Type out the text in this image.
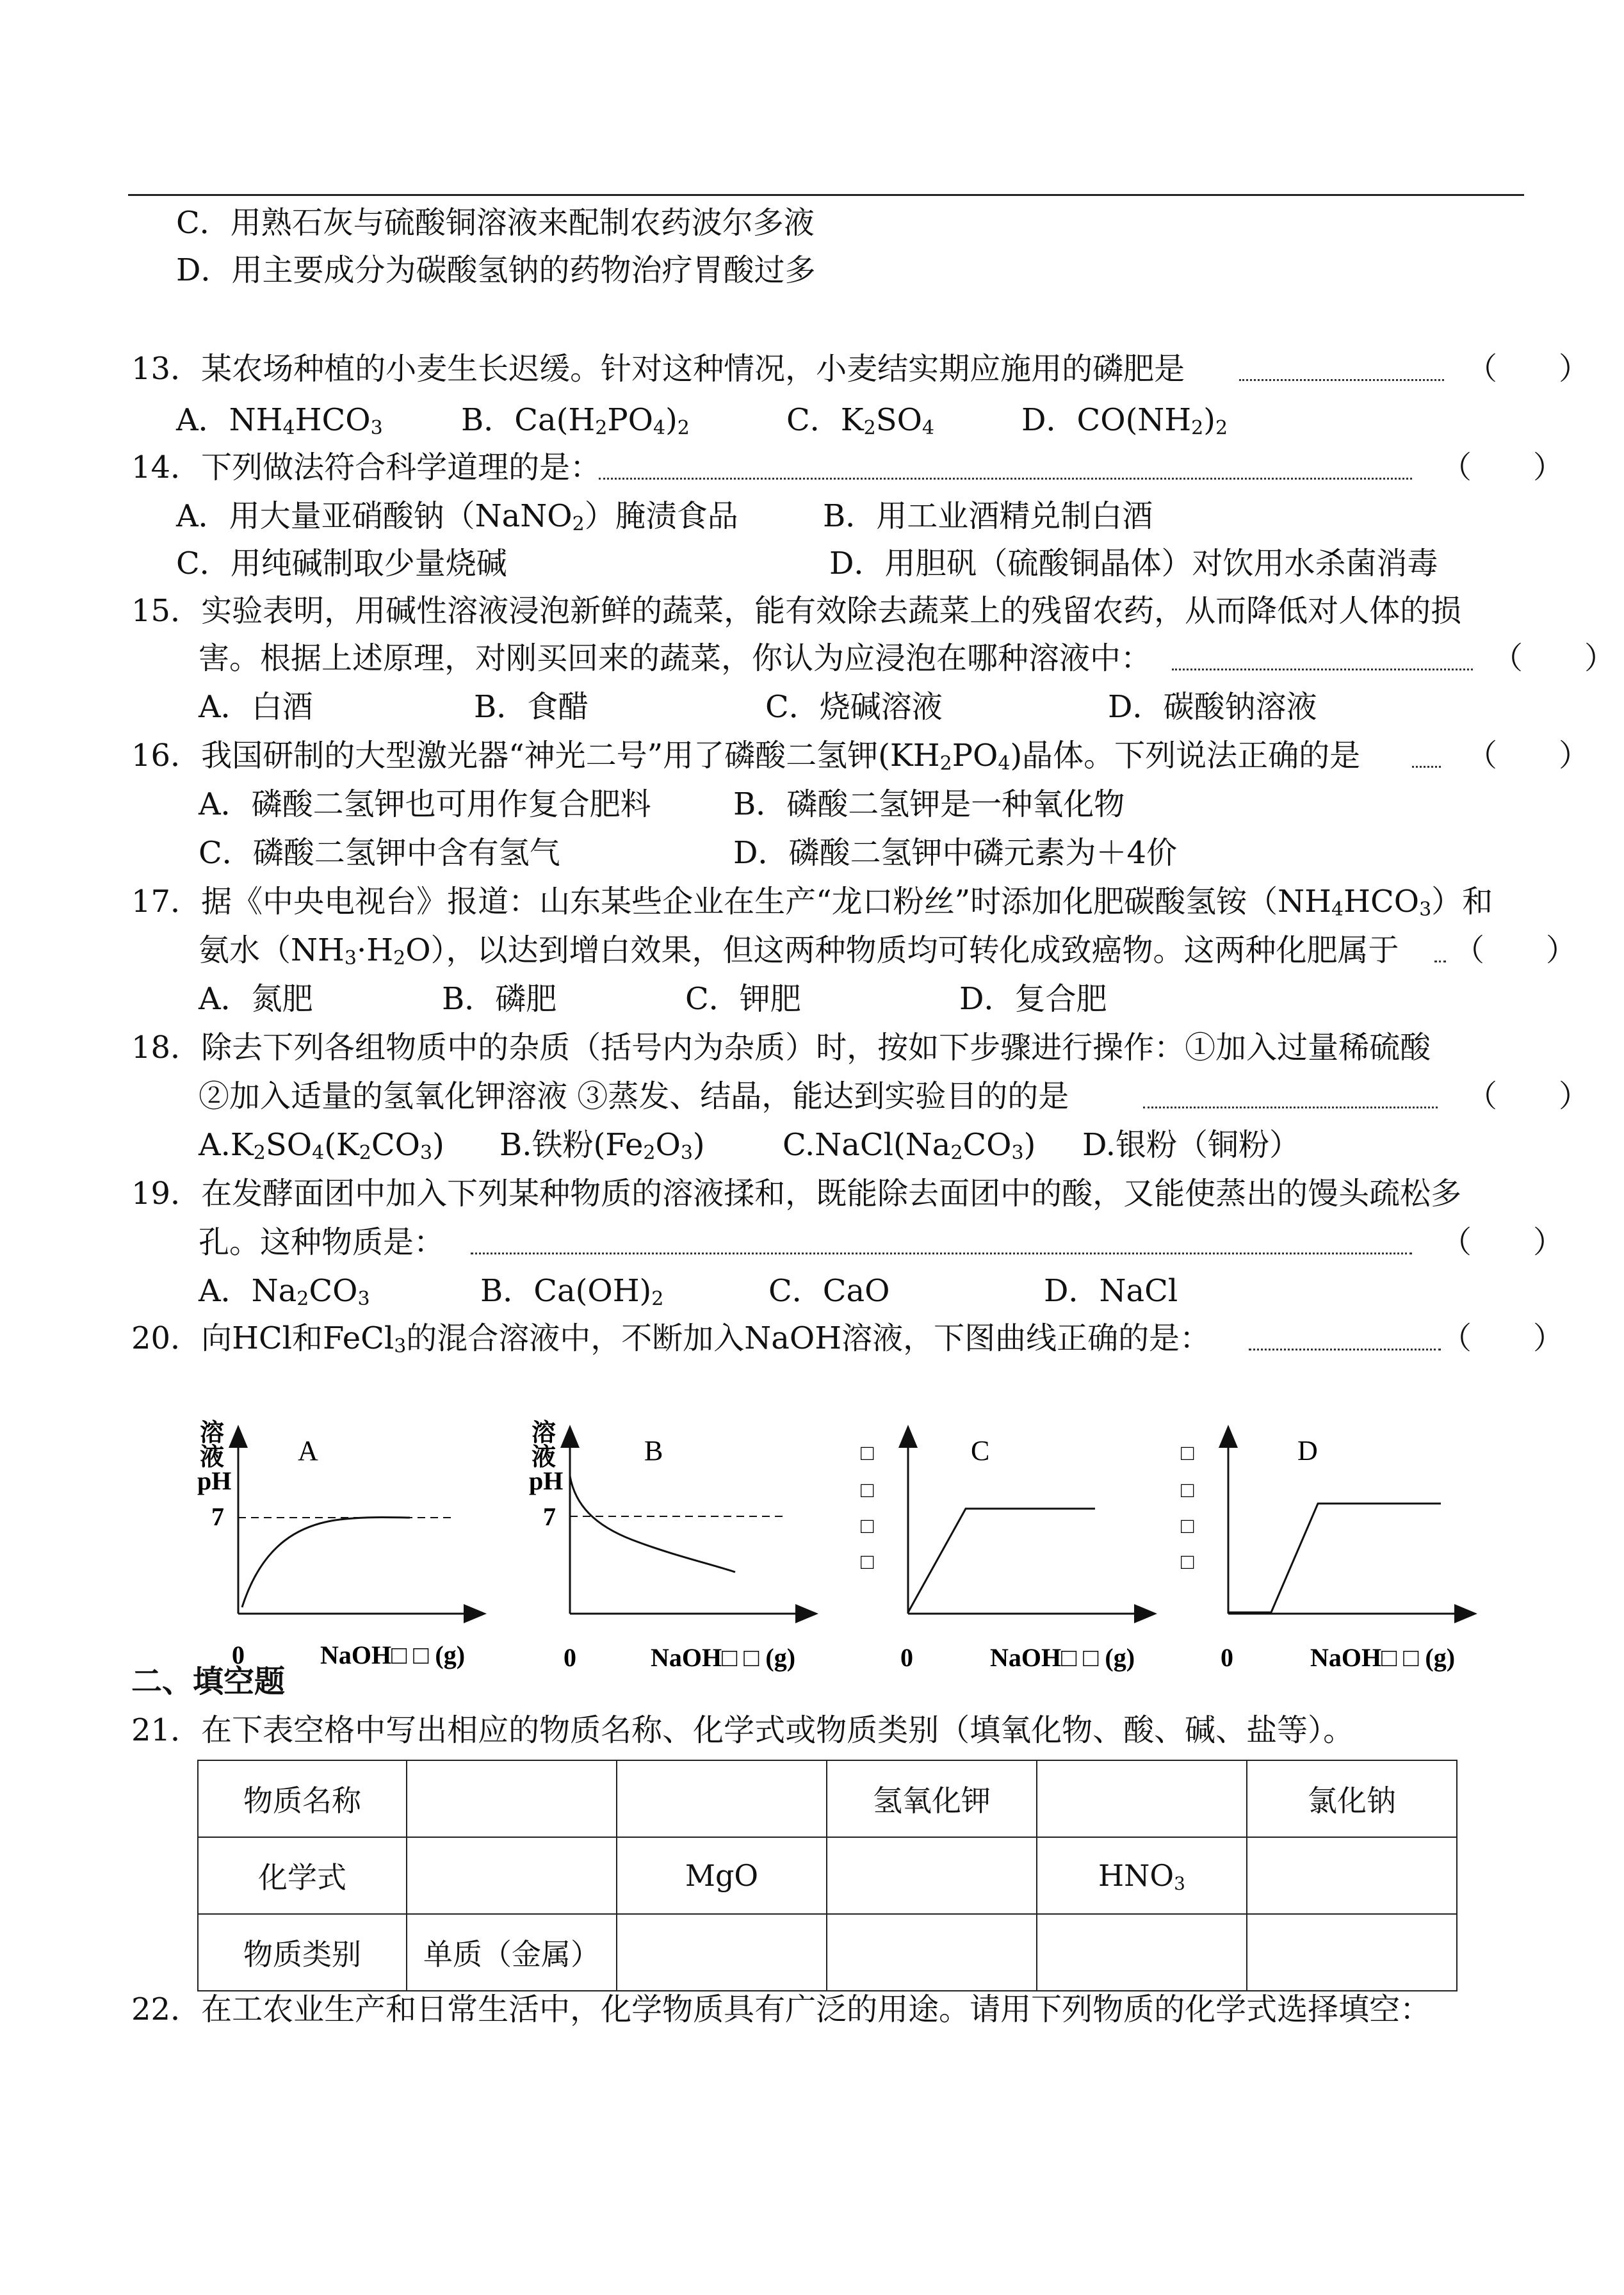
C．用熟石灰与硫酸铜溶液来配制农药波尔多液
D．用主要成分为碳酸氢钠的药物治疗胃酸过多
13．某农场种植的小麦生长迟缓。针对这种情况，小麦结实期应施用的磷肥是	（　　）
A．$NH_4HCO_3$	B．$Ca(H_2PO_4)_2$	C．$K_2SO_4$	D．$CO(NH_2)_2$
14．下列做法符合科学道理的是：	（　　）
A．用大量亚硝酸钠（NaNO$_2$）腌渍食品	B．用工业酒精兑制白酒
C．用纯碱制取少量烧碱	D．用胆矾（硫酸铜晶体）对饮用水杀菌消毒
15．实验表明，用碱性溶液浸泡新鲜的蔬菜，能有效除去蔬菜上的残留农药，从而降低对人体的损
害。根据上述原理，对刚买回来的蔬菜，你认为应浸泡在哪种溶液中：	（　　）
A．白酒	B．食醋	C．烧碱溶液	D．碳酸钠溶液
16．我国研制的大型激光器“神光二号”用了磷酸二氢钾$(KH_2PO_4)$晶体。下列说法正确的是	（　　）
A．磷酸二氢钾也可用作复合肥料	B．磷酸二氢钾是一种氧化物
C．磷酸二氢钾中含有氢气	D．磷酸二氢钾中磷元素为＋4价
17．据《中央电视台》报道：山东某些企业在生产“龙口粉丝”时添加化肥碳酸氢铵$(NH_4HCO_3)$和
氨水$(NH_3\cdot H_2O)$，以达到增白效果，但这两种物质均可转化成致癌物。这两种化肥属于 （　　）
A．氮肥	B．磷肥	C．钾肥	D．复合肥
18．除去下列各组物质中的杂质（括号内为杂质）时，按如下步骤进行操作：①加入过量稀硫酸
②加入适量的氢氧化钾溶液 ③蒸发、结晶，能达到实验目的的是	（　　）
$A.K_2SO_4(K_2CO_3)$ B.铁粉$(Fe_2O_3)$	$C.NaCl(Na_2CO_3)$ D.银粉（铜粉）
19．在发酵面团中加入下列某种物质的溶液揉和，既能除去面团中的酸，又能使蒸出的馒头疏松多
孔。这种物质是：	（　　）
A．$Na_2CO_3$	B．$Ca(OH)_2$	C．CaO	D．NaCl
20．向HCl和FeCl$_3$的混合溶液中，不断加入NaOH溶液，下图曲线正确的是：	（　　）
溶
液
pH
7
A
0	NaOH□ □ (g)
溶
液
pH
7
B
0	NaOH□ □ (g)
□
□
□
□
C
0	NaOH□ □ (g)
□
□
□
□
D
0	NaOH□ □ (g)
二、填空题
21．在下表空格中写出相应的物质名称、化学式或物质类别（填氧化物、酸、碱、盐等）。
物质名称			氢氧化钾		氯化钠
化学式		MgO		$HNO_3$	
物质类别	单质（金属）				
22．在工农业生产和日常生活中，化学物质具有广泛的用途。请用下列物质的化学式选择填空：
